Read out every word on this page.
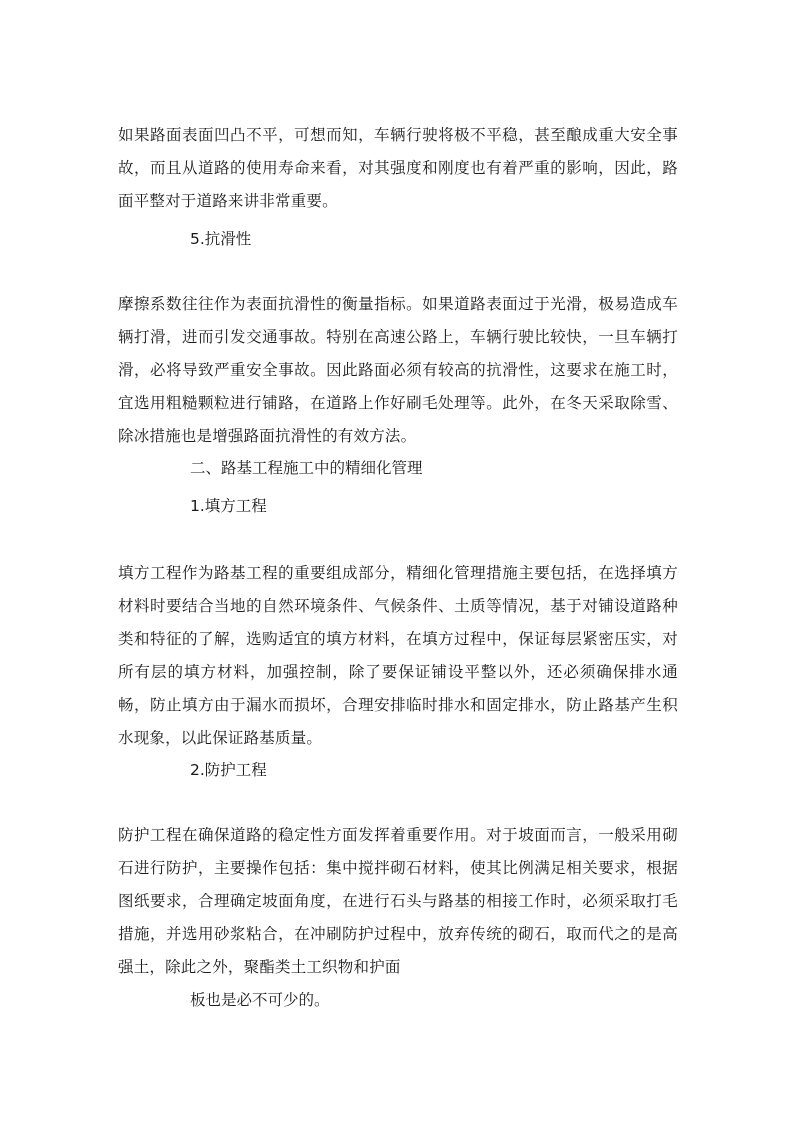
如果路面表面凹凸不平，可想而知，车辆行驶将极不平稳，甚至酿成重大安全事故，而且从道路的使用寿命来看，对其强度和刚度也有着严重的影响，因此，路面平整对于道路来讲非常重要。

5.抗滑性

摩擦系数往往作为表面抗滑性的衡量指标。如果道路表面过于光滑，极易造成车辆打滑，进而引发交通事故。特别在高速公路上，车辆行驶比较快，一旦车辆打滑，必将导致严重安全事故。因此路面必须有较高的抗滑性，这要求在施工时，宜选用粗糙颗粒进行铺路，在道路上作好刷毛处理等。此外，在冬天采取除雪、除冰措施也是增强路面抗滑性的有效方法。

二、路基工程施工中的精细化管理

1.填方工程

填方工程作为路基工程的重要组成部分，精细化管理措施主要包括，在选择填方材料时要结合当地的自然环境条件、气候条件、土质等情况，基于对铺设道路种类和特征的了解，选购适宜的填方材料，在填方过程中，保证每层紧密压实，对所有层的填方材料，加强控制，除了要保证铺设平整以外，还必须确保排水通畅，防止填方由于漏水而损坏，合理安排临时排水和固定排水，防止路基产生积水现象，以此保证路基质量。

2.防护工程

防护工程在确保道路的稳定性方面发挥着重要作用。对于坡面而言，一般采用砌石进行防护，主要操作包括：集中搅拌砌石材料，使其比例满足相关要求，根据图纸要求，合理确定坡面角度，在进行石头与路基的相接工作时，必须采取打毛措施，并选用砂浆粘合，在冲刷防护过程中，放弃传统的砌石，取而代之的是高强土，除此之外，聚酯类土工织物和护面

板也是必不可少的。
